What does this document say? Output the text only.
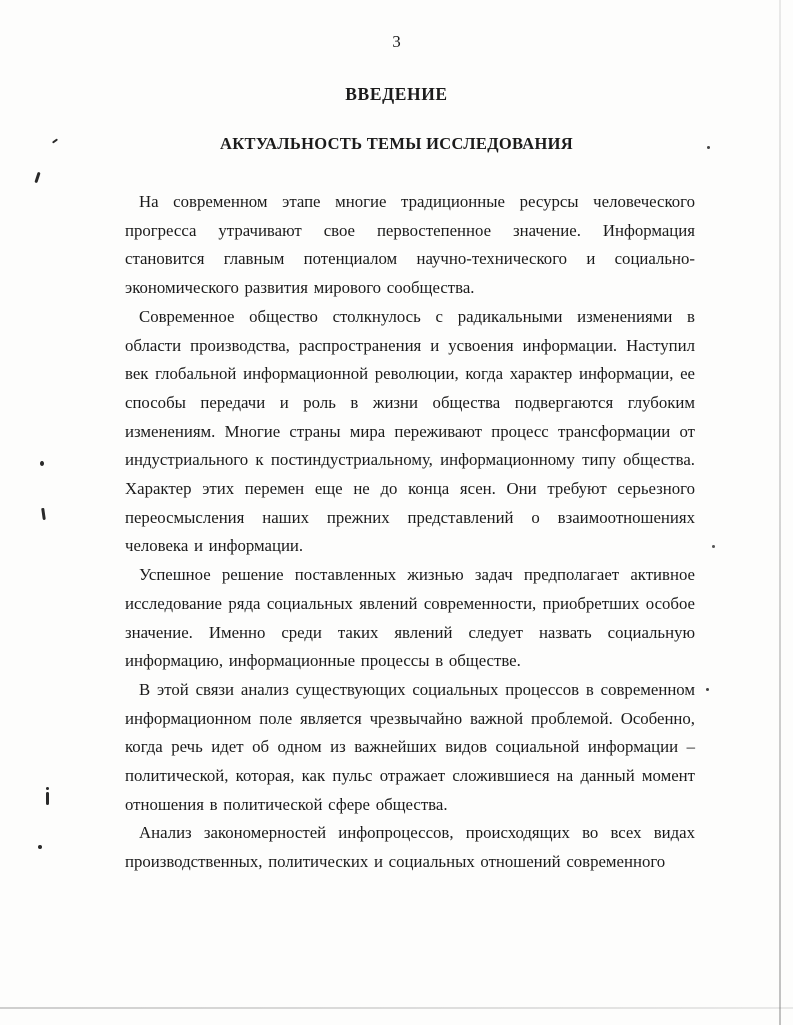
3
ВВЕДЕНИЕ
АКТУАЛЬНОСТЬ ТЕМЫ ИССЛЕДОВАНИЯ

На современном этапе многие традиционные ресурсы человеческого прогресса утрачивают свое первостепенное значение. Информация становится главным потенциалом научно-технического и социально-экономического развития мирового сообщества.

Современное общество столкнулось с радикальными изменениями в области производства, распространения и усвоения информации. Наступил век глобальной информационной революции, когда характер информации, ее способы передачи и роль в жизни общества подвергаются глубоким изменениям. Многие страны мира переживают процесс трансформации от индустриального к постиндустриальному, информационному типу общества. Характер этих перемен еще не до конца ясен. Они требуют серьезного переосмысления наших прежних представлений о взаимоотношениях человека и информации.

Успешное решение поставленных жизнью задач предполагает активное исследование ряда социальных явлений современности, приобретших особое значение. Именно среди таких явлений следует назвать социальную информацию, информационные процессы в обществе.

В этой связи анализ существующих социальных процессов в современном информационном поле является чрезвычайно важной проблемой. Особенно, когда речь идет об одном из важнейших видов социальной информации – политической, которая, как пульс отражает сложившиеся на данный момент отношения в политической сфере общества.

Анализ закономерностей инфопроцессов, происходящих во всех видах производственных, политических и социальных отношений современного
